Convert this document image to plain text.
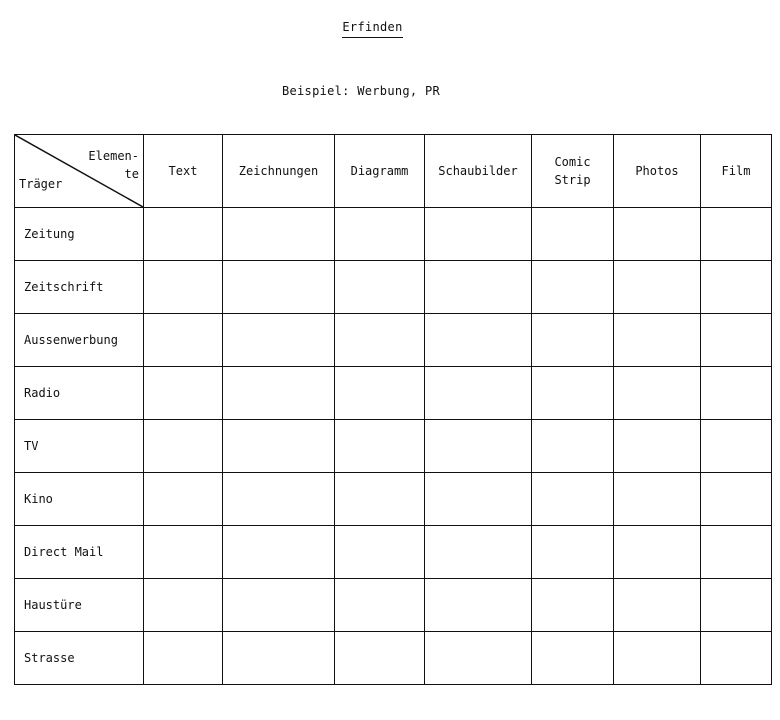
Erfinden
Beispiel: Werbung, PR
Elemen-
te
Träger	Text	Zeichnungen	Diagramm	Schaubilder	Comic Strip	Photos	Film
Zeitung							
Zeitschrift							
Aussenwerbung							
Radio							
TV							
Kino							
Direct Mail							
Haustüre							
Strasse							
